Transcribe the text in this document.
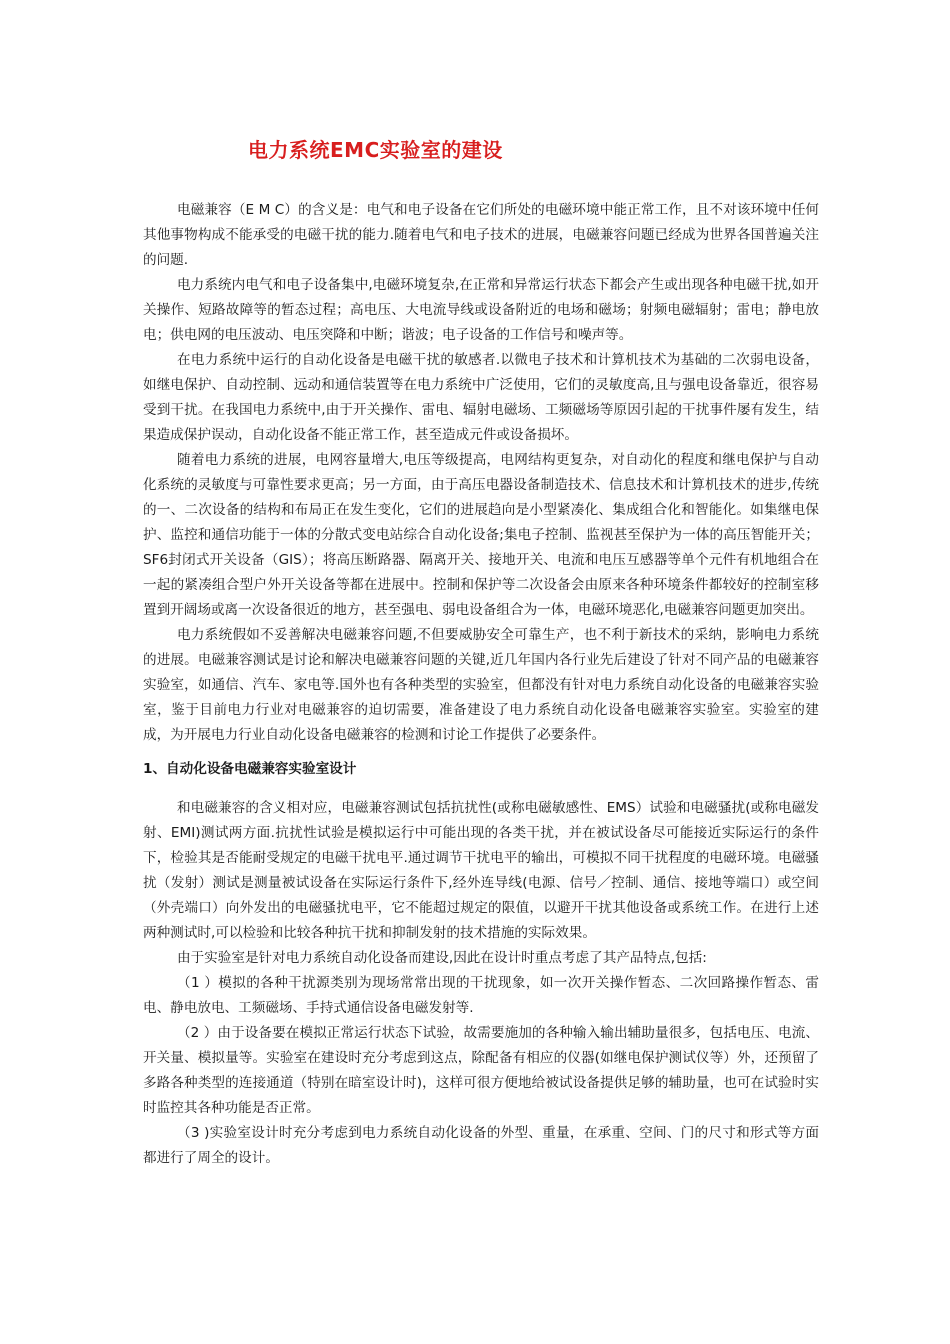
电力系统EMC实验室的建设

电磁兼容（E M C）的含义是：电气和电子设备在它们所处的电磁环境中能正常工作，且不对该环境中任何其他事物构成不能承受的电磁干扰的能力.随着电气和电子技术的进展，电磁兼容问题已经成为世界各国普遍关注的问题.

电力系统内电气和电子设备集中,电磁环境复杂,在正常和异常运行状态下都会产生或出现各种电磁干扰,如开关操作、短路故障等的暂态过程；高电压、大电流导线或设备附近的电场和磁场；射频电磁辐射；雷电；静电放电；供电网的电压波动、电压突降和中断；谐波；电子设备的工作信号和噪声等。

在电力系统中运行的自动化设备是电磁干扰的敏感者.以微电子技术和计算机技术为基础的二次弱电设备，如继电保护、自动控制、远动和通信装置等在电力系统中广泛使用，它们的灵敏度高,且与强电设备靠近，很容易受到干扰。在我国电力系统中,由于开关操作、雷电、辐射电磁场、工频磁场等原因引起的干扰事件屡有发生，结果造成保护误动，自动化设备不能正常工作，甚至造成元件或设备损坏。

随着电力系统的进展，电网容量增大,电压等级提高，电网结构更复杂，对自动化的程度和继电保护与自动化系统的灵敏度与可靠性要求更高；另一方面，由于高压电器设备制造技术、信息技术和计算机技术的进步,传统的一、二次设备的结构和布局正在发生变化，它们的进展趋向是小型紧凑化、集成组合化和智能化。如集继电保护、监控和通信功能于一体的分散式变电站综合自动化设备;集电子控制、监视甚至保护为一体的高压智能开关；SF6封闭式开关设备（GIS）；将高压断路器、隔离开关、接地开关、电流和电压互感器等单个元件有机地组合在一起的紧凑组合型户外开关设备等都在进展中。控制和保护等二次设备会由原来各种环境条件都较好的控制室移置到开阔场或离一次设备很近的地方，甚至强电、弱电设备组合为一体，电磁环境恶化,电磁兼容问题更加突出。

电力系统假如不妥善解决电磁兼容问题,不但要威胁安全可靠生产，也不利于新技术的采纳，影响电力系统的进展。电磁兼容测试是讨论和解决电磁兼容问题的关键,近几年国内各行业先后建设了针对不同产品的电磁兼容实验室，如通信、汽车、家电等.国外也有各种类型的实验室，但都没有针对电力系统自动化设备的电磁兼容实验室，鉴于目前电力行业对电磁兼容的迫切需要，准备建设了电力系统自动化设备电磁兼容实验室。实验室的建成，为开展电力行业自动化设备电磁兼容的检测和讨论工作提供了必要条件。

1、自动化设备电磁兼容实验室设计

和电磁兼容的含义相对应，电磁兼容测试包括抗扰性(或称电磁敏感性、EMS）试验和电磁骚扰(或称电磁发射、EMI)测试两方面.抗扰性试验是模拟运行中可能出现的各类干扰，并在被试设备尽可能接近实际运行的条件下，检验其是否能耐受规定的电磁干扰电平.通过调节干扰电平的输出，可模拟不同干扰程度的电磁环境。电磁骚扰（发射）测试是测量被试设备在实际运行条件下,经外连导线(电源、信号／控制、通信、接地等端口）或空间（外壳端口）向外发出的电磁骚扰电平，它不能超过规定的限值，以避开干扰其他设备或系统工作。在进行上述两种测试时,可以检验和比较各种抗干扰和抑制发射的技术措施的实际效果。

由于实验室是针对电力系统自动化设备而建设,因此在设计时重点考虑了其产品特点,包括:

（1 ）模拟的各种干扰源类别为现场常常出现的干扰现象，如一次开关操作暂态、二次回路操作暂态、雷电、静电放电、工频磁场、手持式通信设备电磁发射等.

（2 ）由于设备要在模拟正常运行状态下试验，故需要施加的各种输入输出辅助量很多，包括电压、电流、开关量、模拟量等。实验室在建设时充分考虑到这点，除配备有相应的仪器(如继电保护测试仪等）外，还预留了多路各种类型的连接通道（特别在暗室设计时)，这样可很方便地给被试设备提供足够的辅助量，也可在试验时实时监控其各种功能是否正常。

（3 )实验室设计时充分考虑到电力系统自动化设备的外型、重量，在承重、空间、门的尺寸和形式等方面都进行了周全的设计。
